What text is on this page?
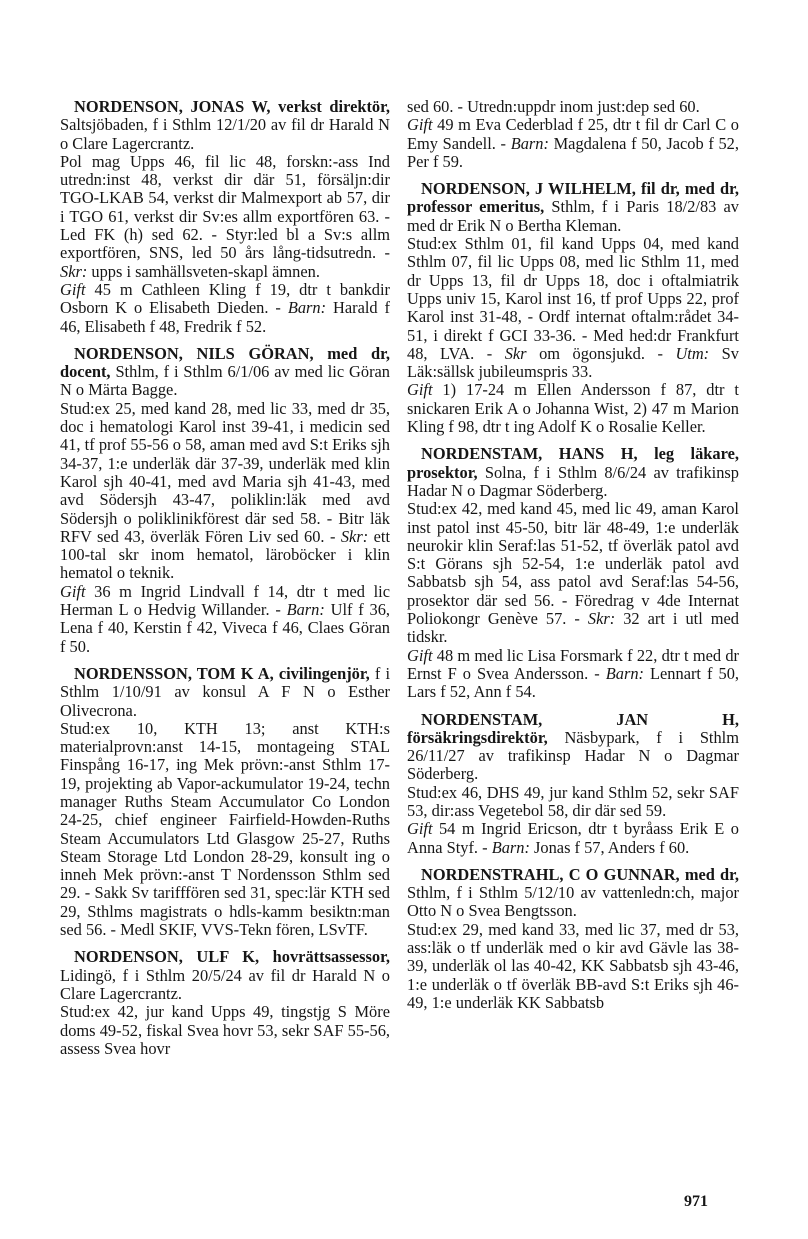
NORDENSON, JONAS W, verkst direktör, Saltsjöbaden, f i Sthlm 12/1/20 av fil dr Harald N o Clare Lagercrantz.

Pol mag Upps 46, fil lic 48, forskn:-ass Ind utredn:inst 48, verkst dir där 51, försäljn:dir TGO-LKAB 54, verkst dir Malmexport ab 57, dir i TGO 61, verkst dir Sv:es allm exportfören 63. - Led FK (h) sed 62. - Styr:led bl a Sv:s allm exportfören, SNS, led 50 års lång-tidsutredn. - Skr: upps i samhällsveten-skapl ämnen.

Gift 45 m Cathleen Kling f 19, dtr t bankdir Osborn K o Elisabeth Dieden. - Barn: Harald f 46, Elisabeth f 48, Fredrik f 52.

NORDENSON, NILS GÖRAN, med dr, docent, Sthlm, f i Sthlm 6/1/06 av med lic Göran N o Märta Bagge.

Stud:ex 25, med kand 28, med lic 33, med dr 35, doc i hematologi Karol inst 39-41, i medicin sed 41, tf prof 55-56 o 58, aman med avd S:t Eriks sjh 34-37, 1:e underläk där 37-39, underläk med klin Karol sjh 40-41, med avd Maria sjh 41-43, med avd Södersjh 43-47, poliklin:läk med avd Södersjh o poliklinikförest där sed 58. - Bitr läk RFV sed 43, överläk Fören Liv sed 60. - Skr: ett 100-tal skr inom hematol, läroböcker i klin hematol o teknik.

Gift 36 m Ingrid Lindvall f 14, dtr t med lic Herman L o Hedvig Willander. - Barn: Ulf f 36, Lena f 40, Kerstin f 42, Viveca f 46, Claes Göran f 50.

NORDENSSON, TOM K A, civilingenjör, f i Sthlm 1/10/91 av konsul A F N o Esther Olivecrona.

Stud:ex 10, KTH 13; anst KTH:s materialprovn:anst 14-15, montageing STAL Finspång 16-17, ing Mek prövn:-anst Sthlm 17-19, projekting ab Vapor-ackumulator 19-24, techn manager Ruths Steam Accumulator Co London 24-25, chief engineer Fairfield-Howden-Ruths Steam Accumulators Ltd Glasgow 25-27, Ruths Steam Storage Ltd London 28-29, konsult ing o inneh Mek prövn:-anst T Nordensson Sthlm sed 29. - Sakk Sv tarifffören sed 31, spec:lär KTH sed 29, Sthlms magistrats o hdls-kamm besiktn:man sed 56. - Medl SKIF, VVS-Tekn fören, LSvTF.

NORDENSON, ULF K, hovrättsassessor, Lidingö, f i Sthlm 20/5/24 av fil dr Harald N o Clare Lagercrantz.

Stud:ex 42, jur kand Upps 49, tingstjg S Möre doms 49-52, fiskal Svea hovr 53, sekr SAF 55-56, assess Svea hovr

sed 60. - Utredn:uppdr inom just:dep sed 60.

Gift 49 m Eva Cederblad f 25, dtr t fil dr Carl C o Emy Sandell. - Barn: Magdalena f 50, Jacob f 52, Per f 59.

NORDENSON, J WILHELM, fil dr, med dr, professor emeritus, Sthlm, f i Paris 18/2/83 av med dr Erik N o Bertha Kleman.

Stud:ex Sthlm 01, fil kand Upps 04, med kand Sthlm 07, fil lic Upps 08, med lic Sthlm 11, med dr Upps 13, fil dr Upps 18, doc i oftalmiatrik Upps univ 15, Karol inst 16, tf prof Upps 22, prof Karol inst 31-48, - Ordf internat oftalm:rådet 34-51, i direkt f GCI 33-36. - Med hed:dr Frankfurt 48, LVA. - Skr om ögonsjukd. - Utm: Sv Läk:sällsk jubileumspris 33.

Gift 1) 17-24 m Ellen Andersson f 87, dtr t snickaren Erik A o Johanna Wist, 2) 47 m Marion Kling f 98, dtr t ing Adolf K o Rosalie Keller.

NORDENSTAM, HANS H, leg läkare, prosektor, Solna, f i Sthlm 8/6/24 av trafikinsp Hadar N o Dagmar Söderberg.

Stud:ex 42, med kand 45, med lic 49, aman Karol inst patol inst 45-50, bitr lär 48-49, 1:e underläk neurokir klin Seraf:las 51-52, tf överläk patol avd S:t Görans sjh 52-54, 1:e underläk patol avd Sabbatsb sjh 54, ass patol avd Seraf:las 54-56, prosektor där sed 56. - Föredrag v 4de Internat Poliokongr Genève 57. - Skr: 32 art i utl med tidskr.

Gift 48 m med lic Lisa Forsmark f 22, dtr t med dr Ernst F o Svea Andersson. - Barn: Lennart f 50, Lars f 52, Ann f 54.

NORDENSTAM, JAN H, försäkringsdirektör, Näsbypark, f i Sthlm 26/11/27 av trafikinsp Hadar N o Dagmar Söderberg.

Stud:ex 46, DHS 49, jur kand Sthlm 52, sekr SAF 53, dir:ass Vegetebol 58, dir där sed 59.

Gift 54 m Ingrid Ericson, dtr t byråass Erik E o Anna Styf. - Barn: Jonas f 57, Anders f 60.

NORDENSTRAHL, C O GUNNAR, med dr, Sthlm, f i Sthlm 5/12/10 av vattenledn:ch, major Otto N o Svea Bengtsson.

Stud:ex 29, med kand 33, med lic 37, med dr 53, ass:läk o tf underläk med o kir avd Gävle las 38-39, underläk ol las 40-42, KK Sabbatsb sjh 43-46, 1:e underläk o tf överläk BB-avd S:t Eriks sjh 46-49, 1:e underläk KK Sabbatsb

971
